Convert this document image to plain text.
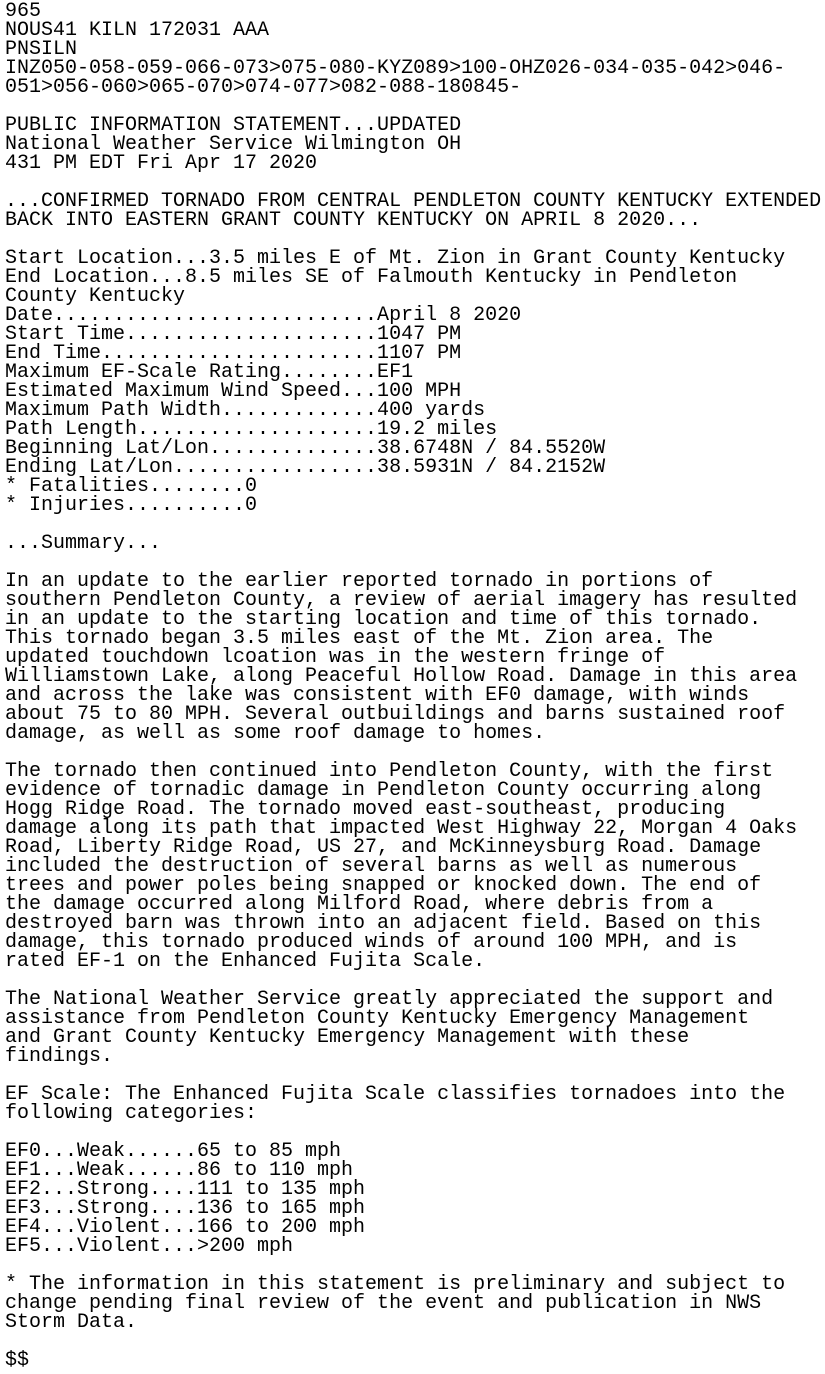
965
NOUS41 KILN 172031 AAA
PNSILN
INZ050-058-059-066-073>075-080-KYZ089>100-OHZ026-034-035-042>046-
051>056-060>065-070>074-077>082-088-180845-
PUBLIC INFORMATION STATEMENT...UPDATED
National Weather Service Wilmington OH
431 PM EDT Fri Apr 17 2020
...CONFIRMED TORNADO FROM CENTRAL PENDLETON COUNTY KENTUCKY EXTENDED
BACK INTO EASTERN GRANT COUNTY KENTUCKY ON APRIL 8 2020...
Start Location...3.5 miles E of Mt. Zion in Grant County Kentucky
End Location...8.5 miles SE of Falmouth Kentucky in Pendleton
County Kentucky
Date...........................April 8 2020
Start Time.....................1047 PM
End Time.......................1107 PM
Maximum EF-Scale Rating........EF1
Estimated Maximum Wind Speed...100 MPH
Maximum Path Width.............400 yards
Path Length....................19.2 miles
Beginning Lat/Lon..............38.6748N / 84.5520W
Ending Lat/Lon.................38.5931N / 84.2152W
* Fatalities........0
* Injuries..........0
...Summary...
In an update to the earlier reported tornado in portions of
southern Pendleton County, a review of aerial imagery has resulted
in an update to the starting location and time of this tornado.
This tornado began 3.5 miles east of the Mt. Zion area. The
updated touchdown lcoation was in the western fringe of
Williamstown Lake, along Peaceful Hollow Road. Damage in this area
and across the lake was consistent with EF0 damage, with winds
about 75 to 80 MPH. Several outbuildings and barns sustained roof
damage, as well as some roof damage to homes.
The tornado then continued into Pendleton County, with the first
evidence of tornadic damage in Pendleton County occurring along
Hogg Ridge Road. The tornado moved east-southeast, producing
damage along its path that impacted West Highway 22, Morgan 4 Oaks
Road, Liberty Ridge Road, US 27, and McKinneysburg Road. Damage
included the destruction of several barns as well as numerous
trees and power poles being snapped or knocked down. The end of
the damage occurred along Milford Road, where debris from a
destroyed barn was thrown into an adjacent field. Based on this
damage, this tornado produced winds of around 100 MPH, and is
rated EF-1 on the Enhanced Fujita Scale.
The National Weather Service greatly appreciated the support and
assistance from Pendleton County Kentucky Emergency Management
and Grant County Kentucky Emergency Management with these
findings.
EF Scale: The Enhanced Fujita Scale classifies tornadoes into the
following categories:
EF0...Weak......65 to 85 mph
EF1...Weak......86 to 110 mph
EF2...Strong....111 to 135 mph
EF3...Strong....136 to 165 mph
EF4...Violent...166 to 200 mph
EF5...Violent...>200 mph
* The information in this statement is preliminary and subject to
change pending final review of the event and publication in NWS
Storm Data.
$$
